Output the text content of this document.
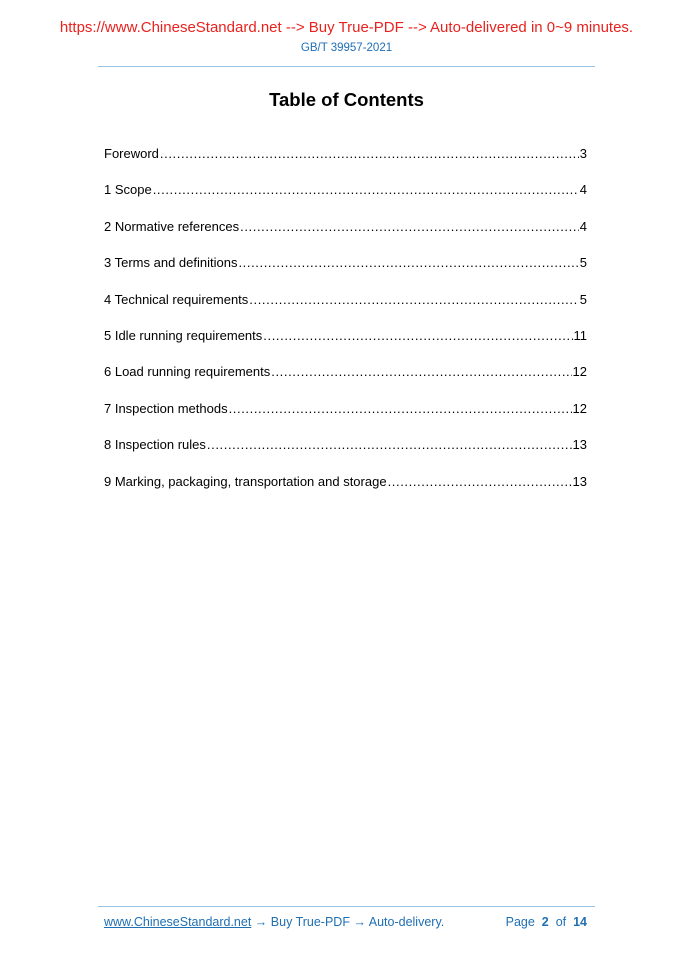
https://www.ChineseStandard.net --> Buy True-PDF --> Auto-delivered in 0~9 minutes.
GB/T 39957-2021
Table of Contents
Foreword .....	3
1 Scope .....	4
2 Normative references .....	4
3 Terms and definitions .....	5
4 Technical requirements .....	5
5 Idle running requirements .....	11
6 Load running requirements .....	12
7 Inspection methods .....	12
8 Inspection rules .....	13
9 Marking, packaging, transportation and storage .....	13
www.ChineseStandard.net → Buy True-PDF → Auto-delivery.	Page 2 of 14
